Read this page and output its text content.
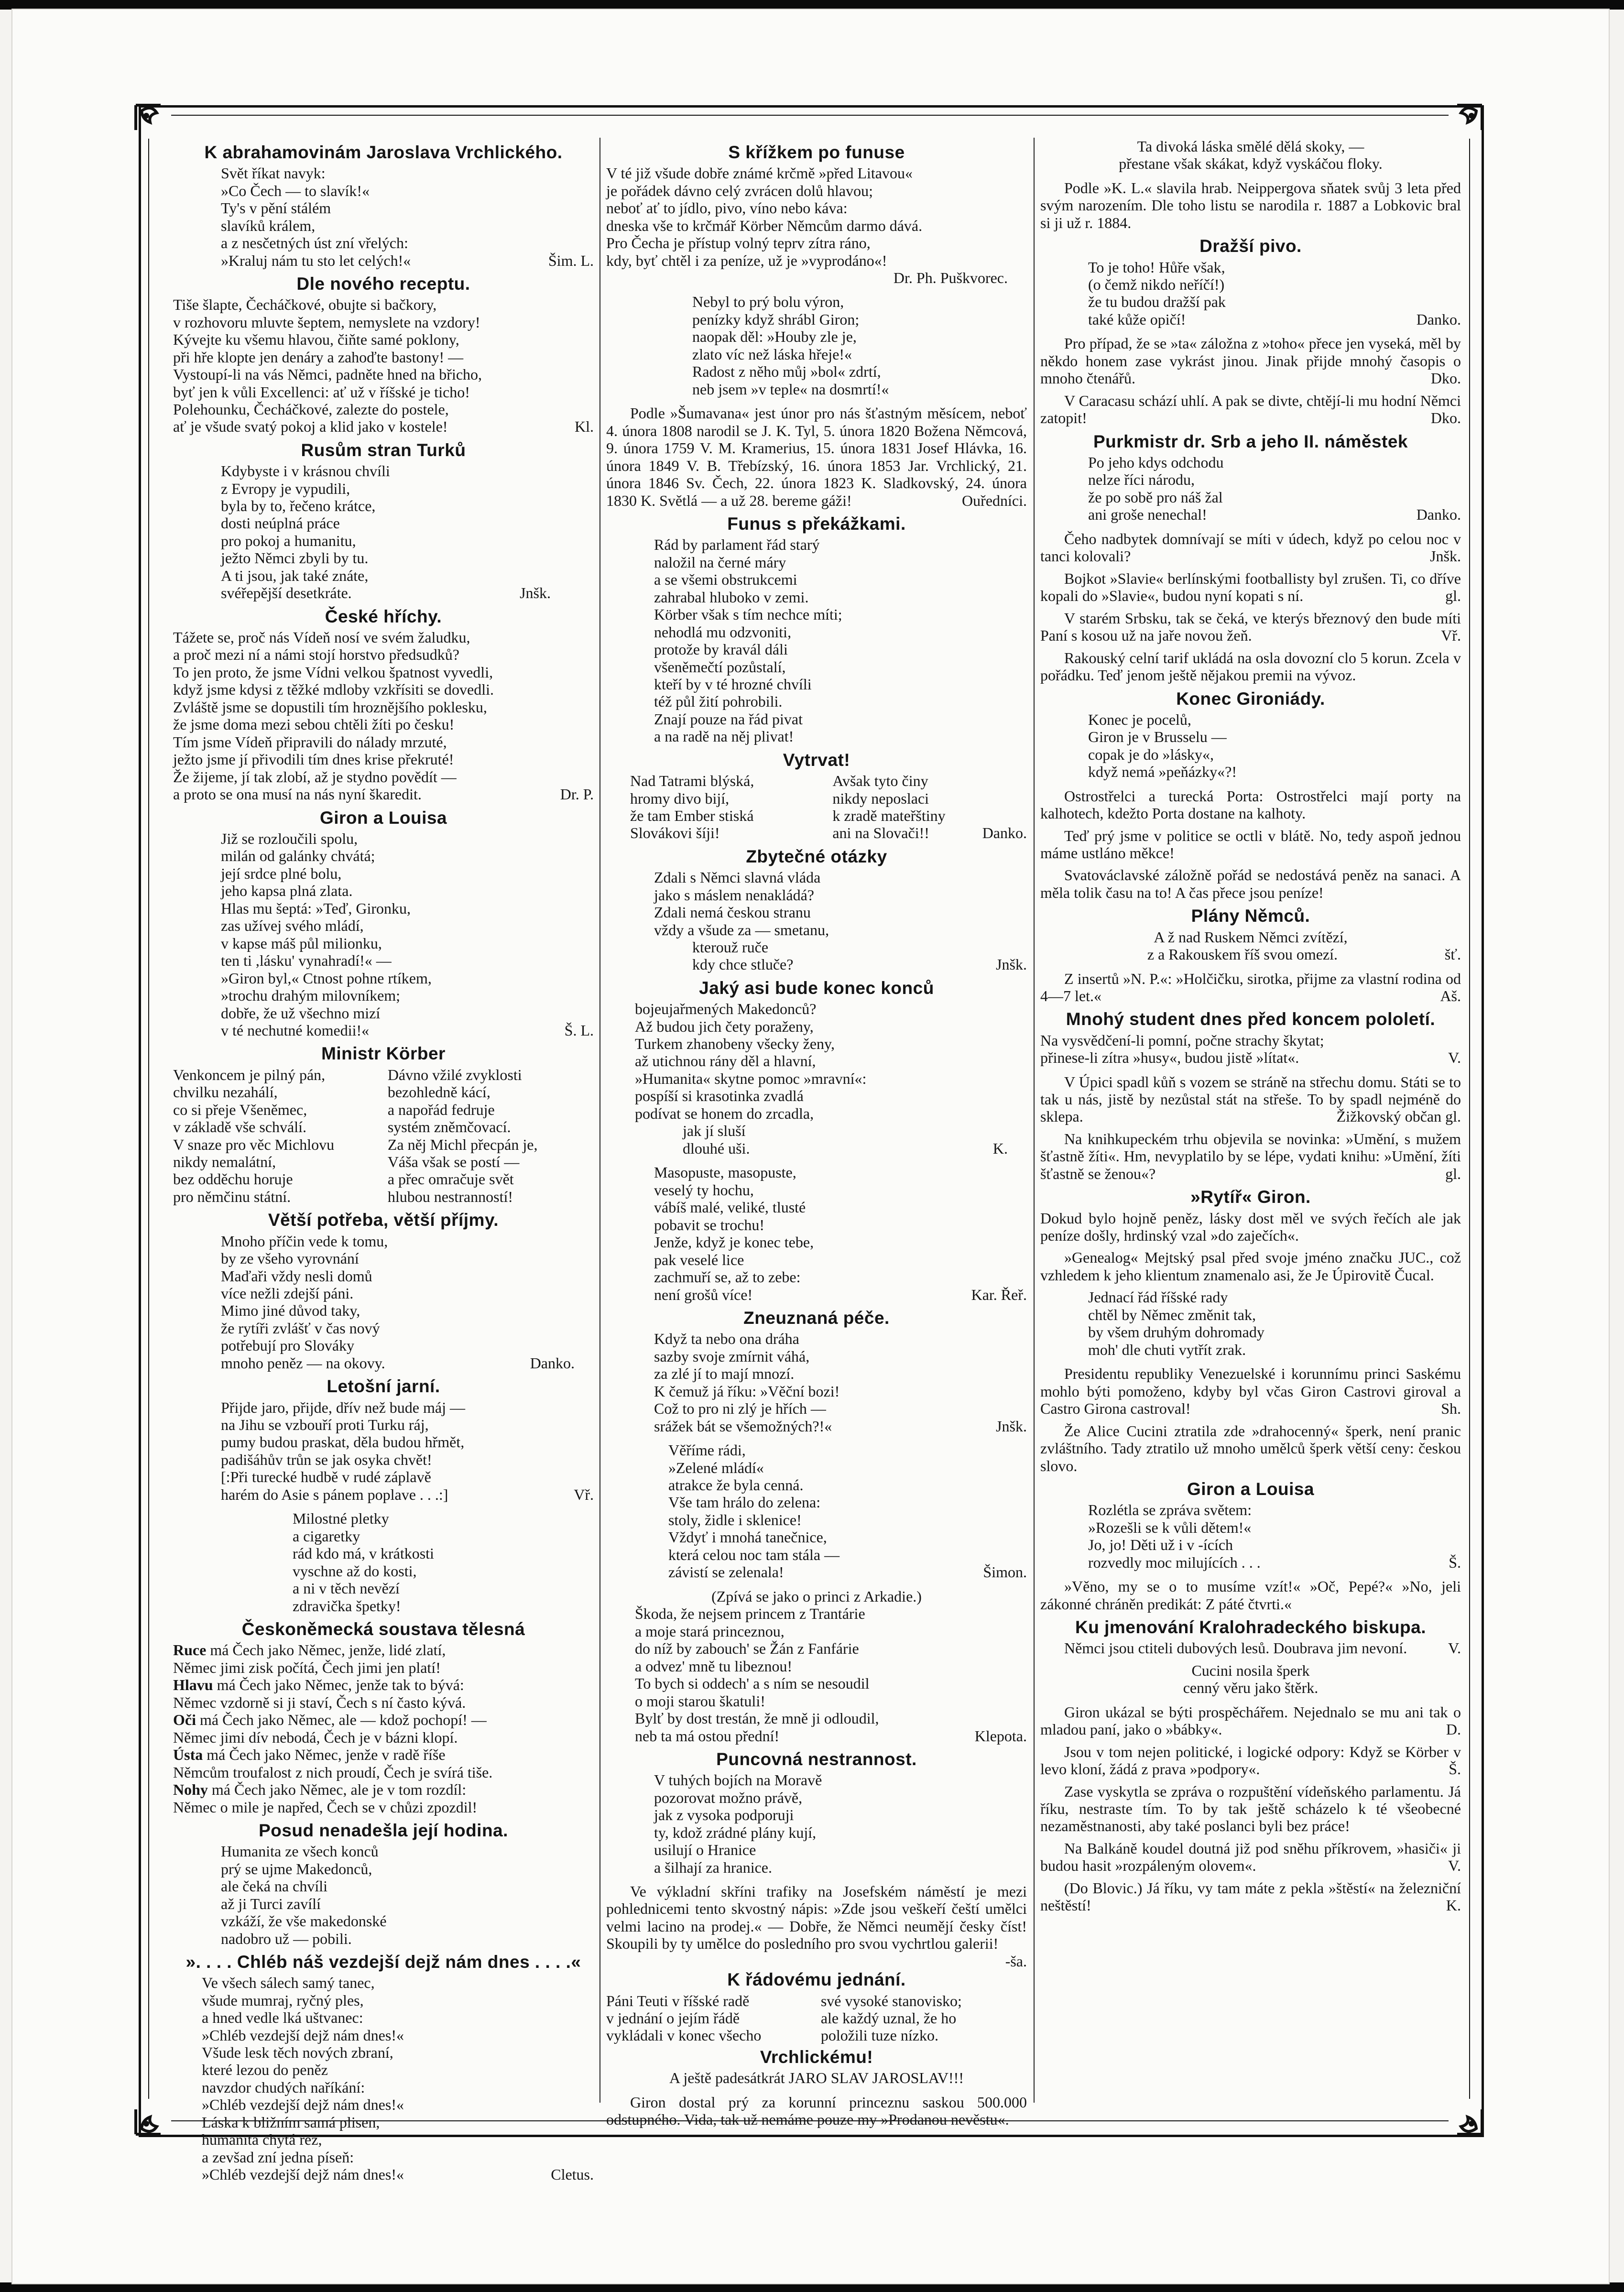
K abrahamovinám Jaroslava Vrchlického.
Svět říkat navyk:
»Co Čech — to slavík!«
Ty's v pění stálém
slavíků králem,
a z nesčetných úst zní vřelých:
»Kraluj nám tu sto let celých!«	Šim. L.
Dle nového receptu.
Tiše šlapte, Čecháčkové, obujte si bačkory,
v rozhovoru mluvte šeptem, nemyslete na vzdory!
Kývejte ku všemu hlavou, čiňte samé poklony,
při hře klopte jen denáry a zahoďte bastony! —
Vystoupí-li na vás Němci, padněte hned na břicho,
byť jen k vůli Excellenci: ať už v říšské je ticho!
Polehounku, Čecháčkové, zalezte do postele,
ať je všude svatý pokoj a klid jako v kostele!	Kl.
Rusům stran Turků
Kdybyste i v krásnou chvíli
z Evropy je vypudili,
byla by to, řečeno krátce,
dosti neúplná práce
pro pokoj a humanitu,
ježto Němci zbyli by tu.
A ti jsou, jak také znáte,
svéřepější desetkráte.	Jnšk.
České hříchy.
Tážete se, proč nás Vídeň nosí ve svém žaludku,
a proč mezi ní a námi stojí horstvo předsudků?
To jen proto, že jsme Vídni velkou špatnost vyvedli,
když jsme kdysi z těžké mdloby vzkřísiti se dovedli.
Zvláště jsme se dopustili tím hroznějšího poklesku,
že jsme doma mezi sebou chtěli žíti po česku!
Tím jsme Vídeň připravili do nálady mrzuté,
ježto jsme jí přivodili tím dnes krise překruté!
Že žijeme, jí tak zlobí, až je stydno povědít —
a proto se ona musí na nás nyní škaredit.	Dr. P.
Giron a Louisa
Již se rozloučili spolu,
milán od galánky chvátá;
její srdce plné bolu,
jeho kapsa plná zlata.
Hlas mu šeptá: »Teď, Gironku,
zas užívej svého mládí,
v kapse máš půl milionku,
ten ti ,lásku' vynahradí!« —
»Giron byl,« Ctnost pohne rtíkem,
»trochu drahým milovníkem;
dobře, že už všechno mizí
v té nechutné komedii!«	Š. L.
Ministr Körber
Venkoncem je pilný pán,
chvilku nezahálí,
co si přeje Všeněmec,
v základě vše schválí.
V snaze pro věc Michlovu
nikdy nemalátní,
bez odděchu horuje
pro němčinu státní.
Dávno vžilé zvyklosti
bezohledně kácí,
a napořád fedruje
systém zněmčovací.
Za něj Michl přecpán je,
Váša však se postí —
a přec omračuje svět
hlubou nestranností!
Větší potřeba, větší příjmy.
Mnoho příčin vede k tomu,
by ze všeho vyrovnání
Maďaři vždy nesli domů
více nežli zdejší páni.
Mimo jiné důvod taky,
že rytíři zvlášť v čas nový
potřebují pro Slováky
mnoho peněz — na okovy.	Danko.
Letošní jarní.
Přijde jaro, přijde, dřív než bude máj —
na Jihu se vzbouří proti Turku ráj,
pumy budou praskat, děla budou hřmět,
padišáhův trůn se jak osyka chvět!
[:Při turecké hudbě v rudé záplavě
harém do Asie s pánem poplave . . .:]	Vř.
Milostné pletky
a cigaretky
rád kdo má, v krátkosti
vyschne až do kosti,
a ni v těch nevězí
zdravička špetky!
Českoněmecká soustava tělesná
Ruce má Čech jako Němec, jenže, lidé zlatí,
Němec jimi zisk počítá, Čech jimi jen platí!
Hlavu má Čech jako Němec, jenže tak to bývá:
Němec vzdorně si ji staví, Čech s ní často kývá.
Oči má Čech jako Němec, ale — kdož pochopí! —
Němec jimi dív nebodá, Čech je v bázni klopí.
Ústa má Čech jako Němec, jenže v radě říše
Němcům troufalost z nich proudí, Čech je svírá tiše.
Nohy má Čech jako Němec, ale je v tom rozdíl:
Němec o mile je napřed, Čech se v chůzi zpozdil!
Posud nenadešla její hodina.
Humanita ze všech konců
prý se ujme Makedonců,
ale čeká na chvíli
až ji Turci zavílí
vzkáží, že vše makedonské
nadobro už — pobili.
». . . . Chléb náš vezdejší dejž nám dnes . . . .«
Ve všech sálech samý tanec,
všude mumraj, ryčný ples,
a hned vedle lká uštvanec:
»Chléb vezdejší dejž nám dnes!«
Všude lesk těch nových zbraní,
které lezou do peněz
navzdor chudých naříkání:
»Chléb vezdejší dejž nám dnes!«
Láska k bližním samá plisen,
humanita chytá rez,
a zevšad zní jedna píseň:
»Chléb vezdejší dejž nám dnes!«	Cletus.
S křížkem po funuse
V té již všude dobře známé krčmě »před Litavou«
je pořádek dávno celý zvrácen dolů hlavou;
neboť ať to jídlo, pivo, víno nebo káva:
dneska vše to krčmář Körber Němcům darmo dává.
Pro Čecha je přístup volný teprv zítra ráno,
kdy, byť chtěl i za peníze, už je »vyprodáno«!
Dr. Ph. Puškvorec.
Nebyl to prý bolu výron,
penízky když shrábl Giron;
naopak děl: »Houby zle je,
zlato víc než láska hřeje!«
Radost z něho můj »bol« zdrtí,
neb jsem »v teple« na dosmrtí!«

Podle »Šumavana« jest únor pro nás šťastným měsícem, neboť 4. února 1808 narodil se J. K. Tyl, 5. února 1820 Božena Němcová, 9. února 1759 V. M. Kramerius, 15. února 1831 Josef Hlávka, 16. února 1849 V. B. Třebízský, 16. února 1853 Jar. Vrchlický, 21. února 1846 Sv. Čech, 22. února 1823 K. Sladkovský, 24. února 1830 K. Světlá — a už 28. bereme gáži!	Ouředníci.

Funus s překážkami.
Rád by parlament řád starý
naložil na černé máry
a se všemi obstrukcemi
zahrabal hluboko v zemi.
Körber však s tím nechce míti;
nehodlá mu odzvoniti,
protože by kravál dáli
všeněmečtí pozůstalí,
kteří by v té hrozné chvíli
též půl žití pohrobili.
Znají pouze na řád pivat
a na radě na něj plivat!
Vytrvat!
Nad Tatrami blýská,
hromy divo bijí,
že tam Ember stiská
Slovákovi šíji!
Avšak tyto činy
nikdy neposlaci
k zradě mateřštiny
ani na Slovači!!	Danko.
Zbytečné otázky
Zdali s Němci slavná vláda
jako s máslem nenakládá?
Zdali nemá českou stranu
vždy a všude za — smetanu,
kterouž ruče
kdy chce stluče?	Jnšk.
Jaký asi bude konec konců
bojeujařmených Makedonců?
Až budou jich čety poraženy,
Turkem zhanobeny všecky ženy,
až utichnou rány děl a hlavní,
»Humanita« skytne pomoc »mravní«:
pospíší si krasotinka zvadlá
podívat se honem do zrcadla,
jak jí sluší
dlouhé uši.	K.
Masopuste, masopuste,
veselý ty hochu,
vábíš malé, veliké, tlusté
pobavit se trochu!
Jenže, když je konec tebe,
pak veselé lice
zachmuří se, až to zebe:
není grošů více!	Kar. Řeř.
Zneuznaná péče.
Když ta nebo ona dráha
sazby svoje zmírnit váhá,
za zlé jí to mají mnozí.
K čemuž já říku: »Věční bozi!
Což to pro ni zlý je hřích —
srážek bát se všemožných?!«	Jnšk.
Věříme rádi,
»Zelené mládí«
atrakce že byla cenná.
Vše tam hrálo do zelena:
stoly, židle i sklenice!
Vždyť i mnohá tanečnice,
která celou noc tam stála —
závistí se zelenala!	Šimon.
(Zpívá se jako o princi z Arkadie.)
Škoda, že nejsem princem z Trantárie
a moje stará princeznou,
do níž by zabouch' se Žán z Fanfárie
a odvez' mně tu libeznou!
To bych si oddech' a s ním se nesoudil
o moji starou škatuli!
Bylť by dost trestán, že mně ji odloudil,
neb ta má ostou přední!	Klepota.
Puncovná nestrannost.
V tuhých bojích na Moravě
pozorovat možno právě,
jak z vysoka podporuji
ty, kdož zrádné plány kují,
usilují o Hranice
a šilhají za hranice.

Ve výkladní skříni trafiky na Josefském náměstí je mezi pohlednicemi tento skvostný nápis: »Zde jsou veškeří čeští umělci velmi lacino na prodej.« — Dobře, že Němci neumějí česky číst! Skoupili by ty umělce do posledního pro svou vychrtlou galerii!
-ša.

K řádovému jednání.
Páni Teuti v říšské radě
v jednání o jejím řádě
vykládali v konec všecho
své vysoké stanovisko;
ale každý uznal, že ho
položili tuze nízko.
Vrchlickému!
A ještě padesátkrát JARO SLAV JAROSLAV!!!

Giron dostal prý za korunní princeznu saskou 500.000 odstupného. Vida, tak už nemáme pouze my »Prodanou nevěstu«.

Ta divoká láska smělé dělá skoky, —
přestane však skákat, když vyskáčou floky.

Podle »K. L.« slavila hrab. Neippergova sňatek svůj 3 leta před svým narozením. Dle toho listu se narodila r. 1887 a Lobkovic bral si ji už r. 1884.

Dražší pivo.
To je toho! Hůře však,
(o čemž nikdo neříčí!)
že tu budou dražší pak
také kůže opičí!	Danko.

Pro případ, že se »ta« záložna z »toho« přece jen vyseká, měl by někdo honem zase vykrást jinou. Jinak přijde mnohý časopis o mnoho čtenářů.	Dko.

V Caracasu schází uhlí. A pak se divte, chtějí-li mu hodní Němci zatopit!	Dko.

Purkmistr dr. Srb a jeho II. náměstek
Po jeho kdys odchodu
nelze říci národu,
že po sobě pro náš žal
ani groše nenechal!	Danko.

Čeho nadbytek domnívají se míti v údech, když po celou noc v tanci kolovali?	Jnšk.

Bojkot »Slavie« berlínskými footballisty byl zrušen. Ti, co dříve kopali do »Slavie«, budou nyní kopati s ní.	gl.

V starém Srbsku, tak se čeká, ve kterýs březnový den bude míti Paní s kosou už na jaře novou žeň.	Vř.

Rakouský celní tarif ukládá na osla dovozní clo 5 korun. Zcela v pořádku. Teď jenom ještě nějakou premii na vývoz.

Konec Gironiády.
Konec je pocelů,
Giron je v Brusselu —
copak je do »lásky«,
když nemá »peňázky«?!

Ostrostřelci a turecká Porta: Ostrostřelci mají porty na kalhotech, kdežto Porta dostane na kalhoty.

Teď prý jsme v politice se octli v blátě. No, tedy aspoň jednou máme ustláno měkce!

Svatováclavské záložně pořád se nedostává peněz na sanaci. A měla tolik času na to! A čas přece jsou peníze!

Plány Němců.
A ž nad Ruskem Němci zvítězí,
z a Rakouskem říš svou omezí.	šť.

Z insertů »N. P.«: »Holčičku, sirotka, přijme za vlastní rodina od 4—7 let.«	Aš.

Mnohý student dnes před koncem pololetí.
Na vysvědčení-li pomní, počne strachy škytat;
přinese-li zítra »husy«, budou jistě »lítat«.	V.

V Úpici spadl kůň s vozem se stráně na střechu domu. Státi se to tak u nás, jistě by nezůstal stát na střeše. To by spadl nejméně do sklepa.	Žižkovský občan gl.

Na knihkupeckém trhu objevila se novinka: »Umění, s mužem šťastně žíti«. Hm, nevyplatilo by se lépe, vydati knihu: »Umění, žíti šťastně se ženou«?	gl.

»Rytíř« Giron.

Dokud bylo hojně peněz, lásky dost měl ve svých řečích ale jak peníze došly, hrdinský vzal »do zaječích«.

»Genealog« Mejtský psal před svoje jméno značku JUC., což vzhledem k jeho klientum znamenalo asi, že Je Úpirovitě Čucal.

Jednací řád říšské rady
chtěl by Němec změnit tak,
by všem druhým dohromady
moh' dle chuti vytřít zrak.

Presidentu republiky Venezuelské i korunnímu princi Saskému mohlo býti pomoženo, kdyby byl včas Giron Castrovi giroval a Castro Gironа castroval!	Sh.

Že Alice Cucini ztratila zde »drahocenný« šperk, není pranic zvláštního. Tady ztratilo už mnoho umělců šperk větší ceny: českou slovo.

Giron a Louisa
Rozlétla se zpráva světem:
»Rozešli se k vůli dětem!«
Jo, jo! Děti už i v -ících
rozvedly moc milujících . . .	Š.

»Věno, my se o to musíme vzít!« »Oč, Pepé?« »No, jeli zákonné chráněn predikát: Z páté čtvrti.«

Ku jmenování Kralohradeckého biskupa.

Němci jsou ctiteli dubových lesů. Doubrava jim nevoní.	V.

Cucini nosila šperk
cenný věru jako štěrk.

Giron ukázal se býti prospěchářem. Nejednalo se mu ani tak o mladou paní, jako o »bábky«.	D.

Jsou v tom nejen politické, i logické odpory: Když se Körber v levo kloní, žádá z prava »podpory«.	Š.

Zase vyskytla se zpráva o rozpuštění vídeňského parlamentu. Já říku, nestraste tím. To by tak ještě scházelo k té všeobecné nezaměstnanosti, aby také poslanci byli bez práce!

Na Balkáně koudel doutná již pod sněhu příkrovem, »hasiči« ji budou hasit »rozpáleným olovem«.	V.

(Do Blovic.) Já říku, vy tam máte z pekla »štěstí« na železniční neštěstí!	K.
